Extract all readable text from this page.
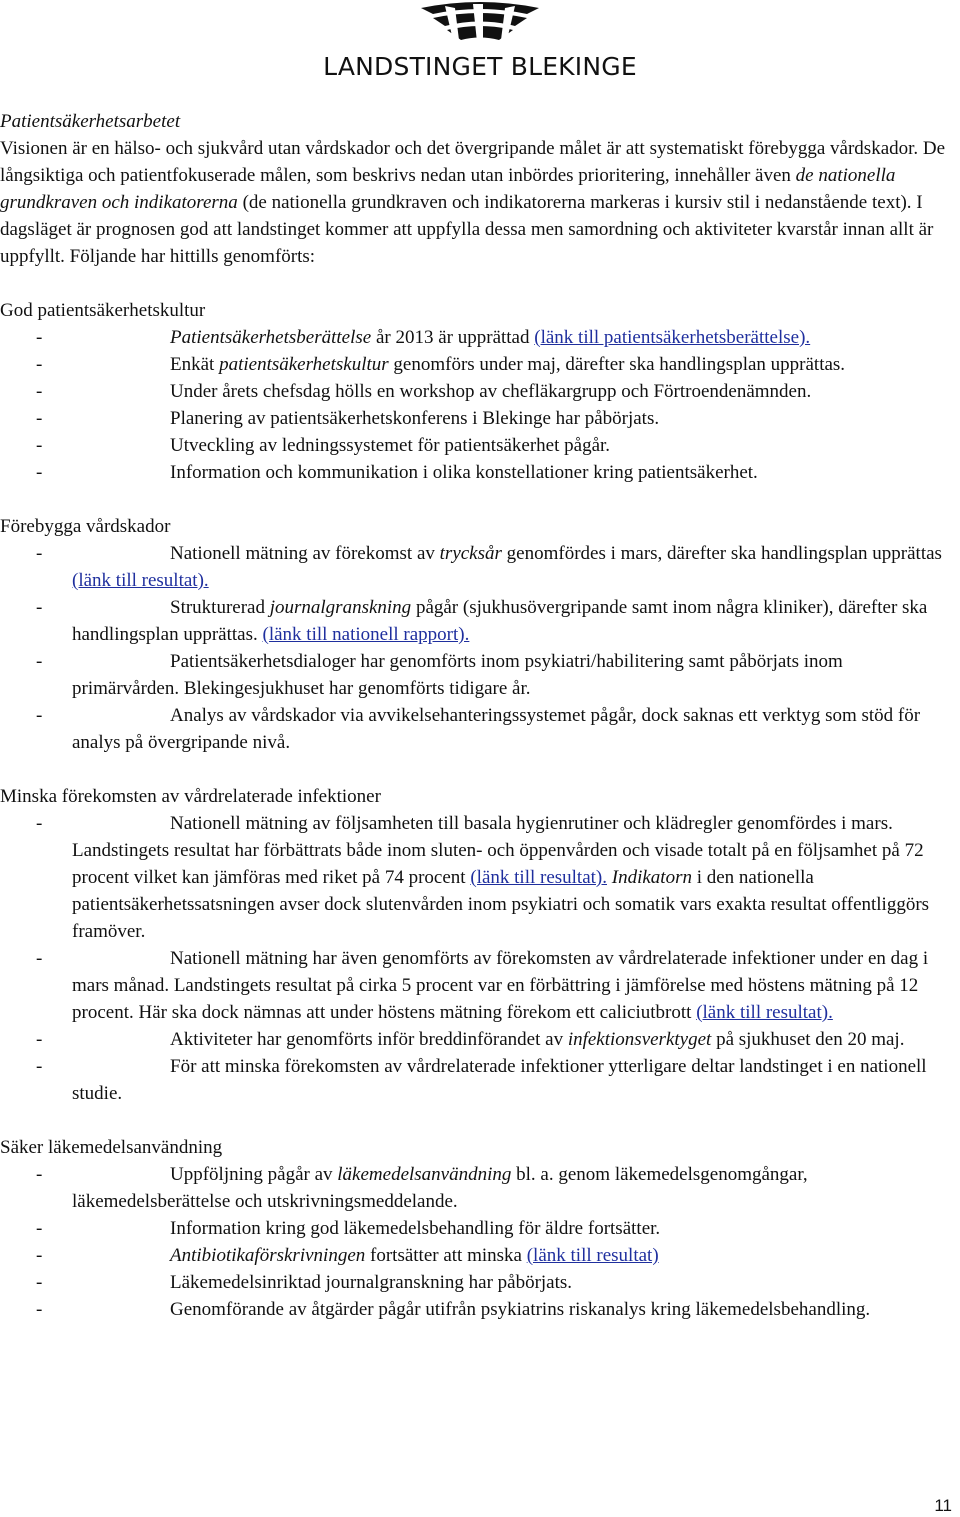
LANDSTINGET BLEKINGE
Patientsäkerhetsarbetet
Visionen är en hälso- och sjukvård utan vårdskador och det övergripande målet är att systematiskt förebygga vårdskador. De långsiktiga och patientfokuserade målen, som beskrivs nedan utan inbördes prioritering, innehåller även de nationella grundkraven och indikatorerna (de nationella grundkraven och indikatorerna markeras i kursiv stil i nedanstående text). I dagsläget är prognosen god att landstinget kommer att uppfylla dessa men samordning och aktiviteter kvarstår innan allt är uppfyllt. Följande har hittills genomförts:
God patientsäkerhetskultur
-	Patientsäkerhetsberättelse år 2013 är upprättad (länk till patientsäkerhetsberättelse).
-	Enkät patientsäkerhetskultur genomförs under maj, därefter ska handlingsplan upprättas.
-	Under årets chefsdag hölls en workshop av chefläkargrupp och Förtroendenämnden.
-	Planering av patientsäkerhetskonferens i Blekinge har påbörjats.
-	Utveckling av ledningssystemet för patientsäkerhet pågår.
-	Information och kommunikation i olika konstellationer kring patientsäkerhet.
Förebygga vårdskador
-	Nationell mätning av förekomst av trycksår genomfördes i mars, därefter ska handlingsplan upprättas (länk till resultat).
-	Strukturerad journalgranskning pågår (sjukhusövergripande samt inom några kliniker), därefter ska handlingsplan upprättas. (länk till nationell rapport).
-	Patientsäkerhetsdialoger har genomförts inom psykiatri/habilitering samt påbörjats inom primärvården. Blekingesjukhuset har genomförts tidigare år.
-	Analys av vårdskador via avvikelsehanteringssystemet pågår, dock saknas ett verktyg som stöd för analys på övergripande nivå.
Minska förekomsten av vårdrelaterade infektioner
-	Nationell mätning av följsamheten till basala hygienrutiner och klädregler genomfördes i mars. Landstingets resultat har förbättrats både inom sluten- och öppenvården och visade totalt på en följsamhet på 72 procent vilket kan jämföras med riket på 74 procent (länk till resultat). Indikatorn i den nationella patientsäkerhetssatsningen avser dock slutenvården inom psykiatri och somatik vars exakta resultat offentliggörs framöver.
-	Nationell mätning har även genomförts av förekomsten av vårdrelaterade infektioner under en dag i mars månad. Landstingets resultat på cirka 5 procent var en förbättring i jämförelse med höstens mätning på 12 procent. Här ska dock nämnas att under höstens mätning förekom ett caliciutbrott (länk till resultat).
-	Aktiviteter har genomförts inför breddinförandet av infektionsverktyget på sjukhuset den 20 maj.
-	För att minska förekomsten av vårdrelaterade infektioner ytterligare deltar landstinget i en nationell studie.
Säker läkemedelsanvändning
-	Uppföljning pågår av läkemedelsanvändning bl. a. genom läkemedelsgenomgångar, läkemedelsberättelse och utskrivningsmeddelande.
-	Information kring god läkemedelsbehandling för äldre fortsätter.
-	Antibiotikaförskrivningen fortsätter att minska (länk till resultat)
-	Läkemedelsinriktad journalgranskning har påbörjats.
-	Genomförande av åtgärder pågår utifrån psykiatrins riskanalys kring läkemedelsbehandling.
11
